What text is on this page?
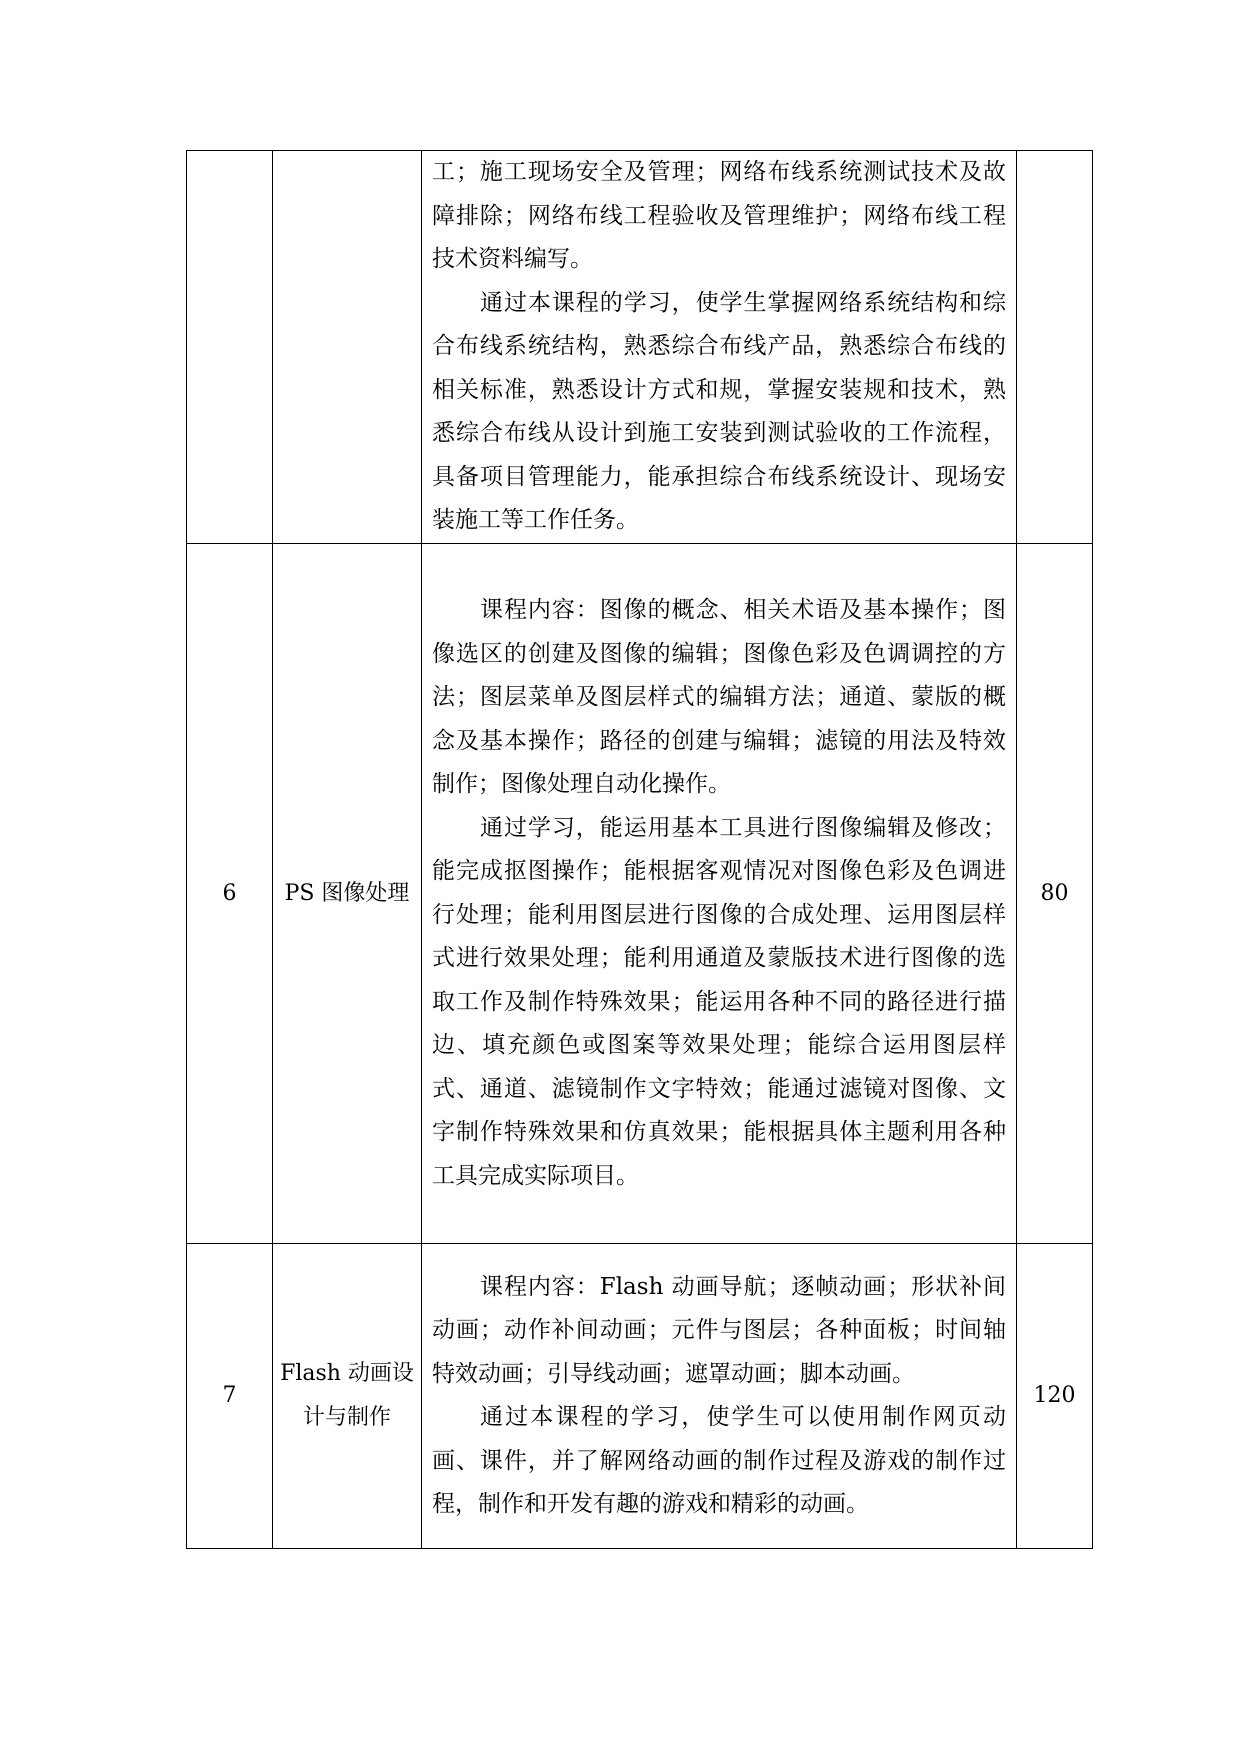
		工；施工现场安全及管理；网络布线系统测试技术及故障排除；网络布线工程验收及管理维护；网络布线工程技术资料编写。

通过本课程的学习，使学生掌握网络系统结构和综合布线系统结构，熟悉综合布线产品，熟悉综合布线的相关标准，熟悉设计方式和规，掌握安装规和技术，熟悉综合布线从设计到施工安装到测试验收的工作流程，具备项目管理能力，能承担综合布线系统设计、现场安装施工等工作任务。	

6	PS 图像处理	课程内容：图像的概念、相关术语及基本操作；图像选区的创建及图像的编辑；图像色彩及色调调控的方法；图层菜单及图层样式的编辑方法；通道、蒙版的概念及基本操作；路径的创建与编辑；滤镜的用法及特效制作；图像处理自动化操作。

通过学习，能运用基本工具进行图像编辑及修改；能完成抠图操作；能根据客观情况对图像色彩及色调进行处理；能利用图层进行图像的合成处理、运用图层样式进行效果处理；能利用通道及蒙版技术进行图像的选取工作及制作特殊效果；能运用各种不同的路径进行描边、填充颜色或图案等效果处理；能综合运用图层样式、通道、滤镜制作文字特效；能通过滤镜对图像、文字制作特殊效果和仿真效果；能根据具体主题利用各种工具完成实际项目。	80
7	Flash 动画设计与制作	课程内容：Flash 动画导航；逐帧动画；形状补间动画；动作补间动画；元件与图层；各种面板；时间轴特效动画；引导线动画；遮罩动画；脚本动画。

通过本课程的学习，使学生可以使用制作网页动画、课件，并了解网络动画的制作过程及游戏的制作过程，制作和开发有趣的游戏和精彩的动画。	120
